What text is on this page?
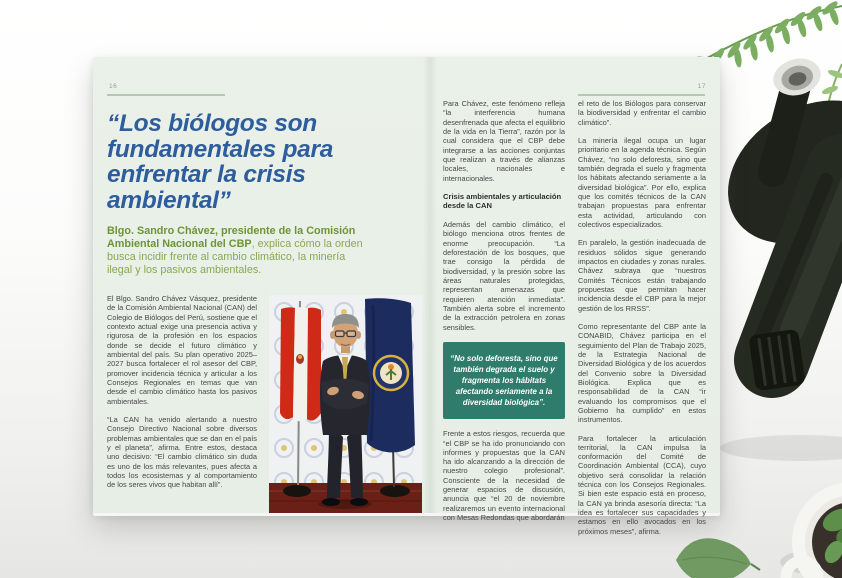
16
“Los biólogos son fundamentales para enfrentar la crisis ambiental”

Blgo. Sandro Chávez, presidente de la Comisión Ambiental Nacional del CBP, explica cómo la orden busca incidir frente al cambio climático, la minería ilegal y los pasivos ambientales.

El Blgo. Sandro Chávez Vásquez, presidente de la Comisión Ambiental Nacional (CAN) del Colegio de Biólogos del Perú, sostiene que el contexto actual exige una presencia activa y rigurosa de la profesión en los espacios donde se decide el futuro climático y ambiental del país. Su plan operativo 2025–2027 busca fortalecer el rol asesor del CBP, promover incidencia técnica y articular a los Consejos Regionales en temas que van desde el cambio climático hasta los pasivos ambientales.

“La CAN ha venido alertando a nuestro Consejo Directivo Nacional sobre diversos problemas ambientales que se dan en el país y el planeta”, afirma. Entre estos, destaca uno decisivo: “El cambio climático sin duda es uno de los más relevantes, pues afecta a todos los ecosistemas y al comportamiento de los seres vivos que habitan allí”.

17

Para Chávez, este fenómeno refleja “la interferencia humana desenfrenada que afecta el equilibrio de la vida en la Tierra”, razón por la cual considera que el CBP debe integrarse a las acciones conjuntas que realizan a través de alianzas locales, nacionales e internacionales.

Crisis ambientales y articulación desde la CAN

Además del cambio climático, el biólogo menciona otros frentes de enorme preocupación. “La deforestación de los bosques, que trae consigo la pérdida de biodiversidad, y la presión sobre las áreas naturales protegidas, representan amenazas que requieren atención inmediata”. También alerta sobre el incremento de la extracción petrolera en zonas sensibles.

“No solo deforesta, sino que también degrada el suelo y fragmenta los hábitats afectando seriamente a la diversidad biológica”.

Frente a estos riesgos, recuerda que “el CBP se ha ido pronunciando con informes y propuestas que la CAN ha ido alcanzando a la dirección de nuestro colegio profesional”. Consciente de la necesidad de generar espacios de discusión, anuncia que “el 20 de noviembre realizaremos un evento internacional con Mesas Redondas que abordarán

el reto de los Biólogos para conservar la biodiversidad y enfrentar el cambio climático”.

La minería ilegal ocupa un lugar prioritario en la agenda técnica. Según Chávez, “no solo deforesta, sino que también degrada el suelo y fragmenta los hábitats afectando seriamente a la diversidad biológica”. Por ello, explica que los comités técnicos de la CAN trabajan propuestas para enfrentar esta actividad, articulando con colectivos especializados.

En paralelo, la gestión inadecuada de residuos sólidos sigue generando impactos en ciudades y zonas rurales. Chávez subraya que “nuestros Comités Técnicos están trabajando propuestas que permitan hacer incidencia desde el CBP para la mejor gestión de los RRSS”.

Como representante del CBP ante la CONABID, Chávez participa en el seguimiento del Plan de Trabajo 2025, de la Estrategia Nacional de Diversidad Biológica y de los acuerdos del Convenio sobre la Diversidad Biológica. Explica que es responsabilidad de la CAN “ir evaluando los compromisos que el Gobierno ha cumplido” en estos instrumentos.

Para fortalecer la articulación territorial, la CAN impulsa la conformación del Comité de Coordinación Ambiental (CCA), cuyo objetivo será consolidar la relación técnica con los Consejos Regionales. Si bien este espacio está en proceso, la CAN ya brinda asesoría directa: “La idea es fortalecer sus capacidades y estamos en ello avocados en los próximos meses”, afirma.
